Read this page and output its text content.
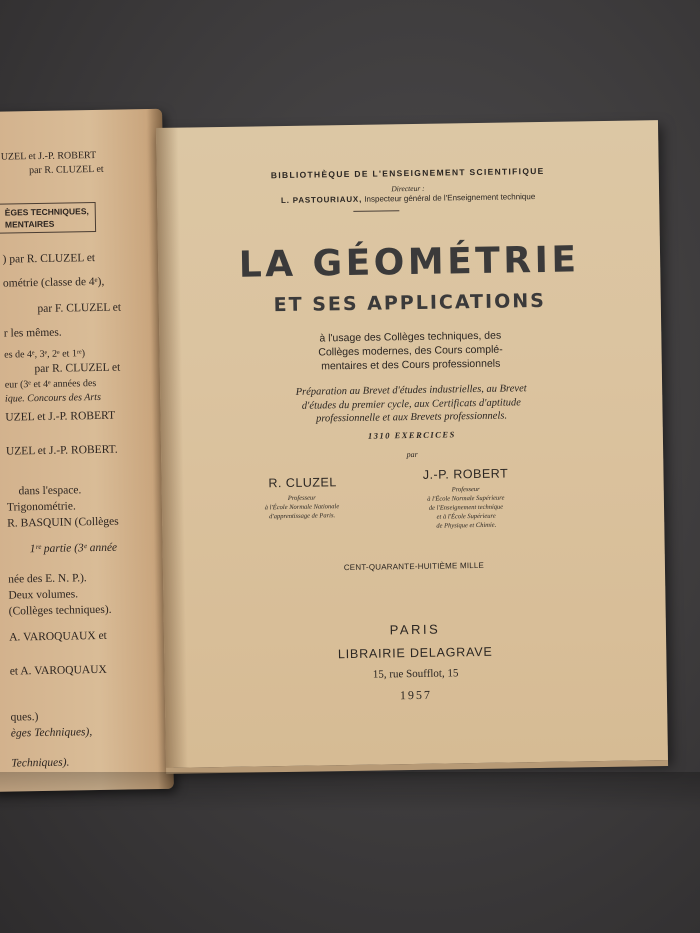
UZEL et J.-P. ROBERT
par R. CLUZEL et
ÈGES TECHNIQUES,
MENTAIRES
) par R. CLUZEL et
ométrie (classe de 4ᵉ),
par F. CLUZEL et
r les mêmes.
es de 4ᵉ, 3ᵉ, 2ᵉ et 1ʳᵉ)
par R. CLUZEL et
eur (3ᵉ et 4ᵉ années des
ique. Concours des Arts
UZEL et J.-P. ROBERT
UZEL et J.-P. ROBERT.
dans l'espace.
Trigonométrie.
R. BASQUIN (Collèges
1ʳᵉ partie (3ᵉ année
née des E. N. P.).
Deux volumes.
(Collèges techniques).
A. VAROQUAUX et
et A. VAROQUAUX
ques.)
èges Techniques),
Techniques).
BIBLIOTHÈQUE DE L'ENSEIGNEMENT SCIENTIFIQUE
Directeur :
L. PASTOURIAUX, Inspecteur général de l'Enseignement technique
LA GÉOMÉTRIE
ET SES APPLICATIONS
à l'usage des Collèges techniques, des
Collèges modernes, des Cours complé-
mentaires et des Cours professionnels
Préparation au Brevet d'études industrielles, au Brevet
d'études du premier cycle, aux Certificats d'aptitude
professionnelle et aux Brevets professionnels.
1310 EXERCICES
par
R. CLUZEL
Professeur
à l'École Normale Nationale
d'apprentissage de Paris.
J.-P. ROBERT
Professeur
à l'École Normale Supérieure
de l'Enseignement technique
et à l'École Supérieure
de Physique et Chimie.
CENT-QUARANTE-HUITIÈME MILLE
PARIS
LIBRAIRIE DELAGRAVE
15, rue Soufflot, 15
1957
